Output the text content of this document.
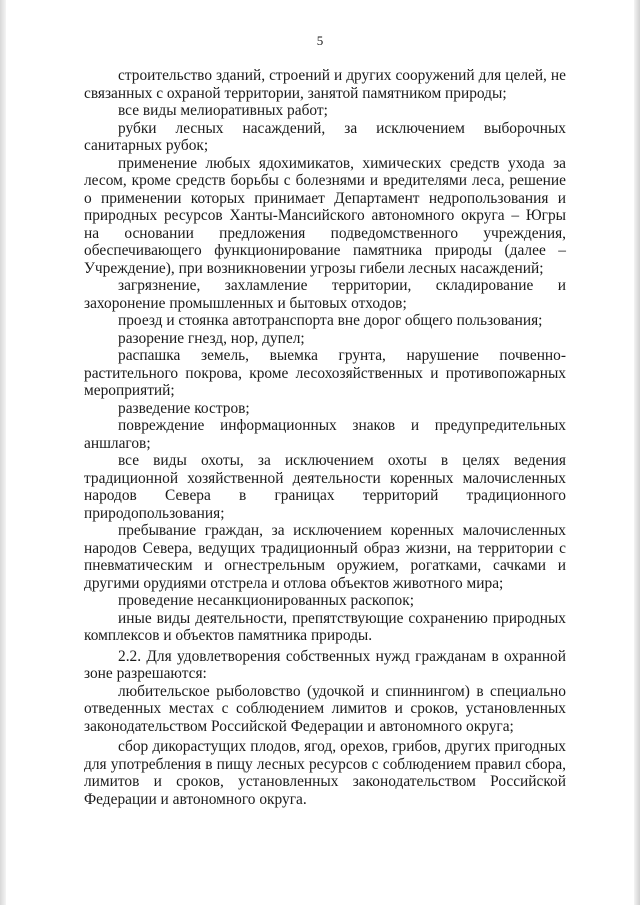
5

строительство зданий, строений и других сооружений для целей, не связанных с охраной территории, занятой памятником природы;

все виды мелиоративных работ;

рубки лесных насаждений, за исключением выборочных санитарных рубок;

применение любых ядохимикатов, химических средств ухода за лесом, кроме средств борьбы с болезнями и вредителями леса, решение о применении которых принимает Департамент недропользования и природных ресурсов Ханты-Мансийского автономного округа – Югры на основании предложения подведомственного учреждения, обеспечивающего функционирование памятника природы (далее – Учреждение), при возникновении угрозы гибели лесных насаждений;

загрязнение, захламление территории, складирование и захоронение промышленных и бытовых отходов;

проезд и стоянка автотранспорта вне дорог общего пользования;

разорение гнезд, нор, дупел;

распашка земель, выемка грунта, нарушение почвенно-растительного покрова, кроме лесохозяйственных и противопожарных мероприятий;

разведение костров;

повреждение информационных знаков и предупредительных аншлагов;

все виды охоты, за исключением охоты в целях ведения традиционной хозяйственной деятельности коренных малочисленных народов Севера в границах территорий традиционного природопользования;

пребывание граждан, за исключением коренных малочисленных народов Севера, ведущих традиционный образ жизни, на территории с пневматическим и огнестрельным оружием, рогатками, сачками и другими орудиями отстрела и отлова объектов животного мира;

проведение несанкционированных раскопок;

иные виды деятельности, препятствующие сохранению природных комплексов и объектов памятника природы.

2.2. Для удовлетворения собственных нужд гражданам в охранной зоне разрешаются:

любительское рыболовство (удочкой и спиннингом) в специально отведенных местах с соблюдением лимитов и сроков, установленных законодательством Российской Федерации и автономного округа;

сбор дикорастущих плодов, ягод, орехов, грибов, других пригодных для употребления в пищу лесных ресурсов с соблюдением правил сбора, лимитов и сроков, установленных законодательством Российской Федерации и автономного округа.
